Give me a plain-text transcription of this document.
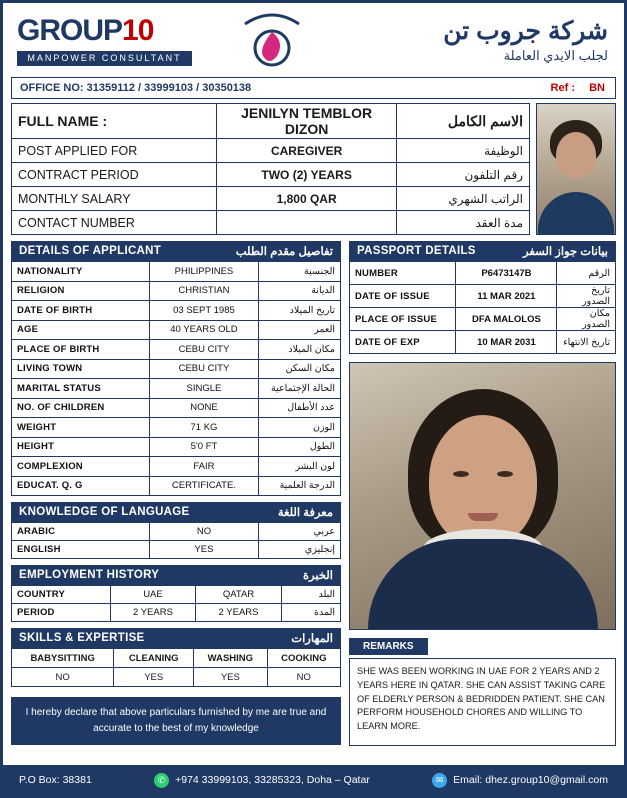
GROUP10
MANPOWER CONSULTANT
شركة جروب تن
لجلب الايدي العاملة
OFFICE NO: 31359112 / 33999103 / 30350138	Ref : BN
FULL NAME :	JENILYN TEMBLOR DIZON	الاسم الكامل
POST APPLIED FOR	CAREGIVER	الوظيفة
CONTRACT PERIOD	TWO (2) YEARS	رقم التلفون
MONTHLY SALARY	1,800 QAR	الراتب الشهري
CONTACT NUMBER		مدة العقد
DETAILS OF APPLICANT	تفاصيل مقدم الطلب
NATIONALITY	PHILIPPINES	الجنسية
RELIGION	CHRISTIAN	الديانة
DATE OF BIRTH	03 SEPT 1985	تاريخ الميلاد
AGE	40 YEARS OLD	العمر
PLACE OF BIRTH	CEBU CITY	مكان الميلاد
LIVING TOWN	CEBU CITY	مكان السكن
MARITAL STATUS	SINGLE	الحالة الإجتماعية
NO. OF CHILDREN	NONE	عدد الأطفال
WEIGHT	71 KG	الوزن
HEIGHT	5'0 FT	الطول
COMPLEXION	FAIR	لون البشر
EDUCAT. Q. G	CERTIFICATE.	الدرجة العلمية
KNOWLEDGE OF LANGUAGE	معرفة اللغة
ARABIC	NO	عربي
ENGLISH	YES	إنجليزي
EMPLOYMENT HISTORY	الخبرة
COUNTRY	UAE	QATAR	البلد
PERIOD	2 YEARS	2 YEARS	المدة
SKILLS & EXPERTISE	المهارات
BABYSITTING	CLEANING	WASHING	COOKING
NO	YES	YES	NO
I hereby declare that above particulars furnished by me are true and accurate to the best of my knowledge
PASSPORT DETAILS	بيانات جواز السفر
NUMBER	P6473147B	الرقم
DATE OF ISSUE	11 MAR 2021	تاريخ الصدور
PLACE OF ISSUE	DFA MALOLOS	مكان الصدور
DATE OF EXP	10 MAR 2031	تاريخ الانتهاء
REMARKS
SHE WAS BEEN WORKING IN UAE FOR 2 YEARS AND 2 YEARS HERE IN QATAR. SHE CAN ASSIST TAKING CARE OF ELDERLY PERSON & BEDRIDDEN PATIENT. SHE CAN PERFORM HOUSEHOLD CHORES AND WILLING TO LEARN MORE.
P.O Box: 38381	✆ +974 33999103, 33285323, Doha – Qatar	✉ Email: dhez.group10@gmail.com
